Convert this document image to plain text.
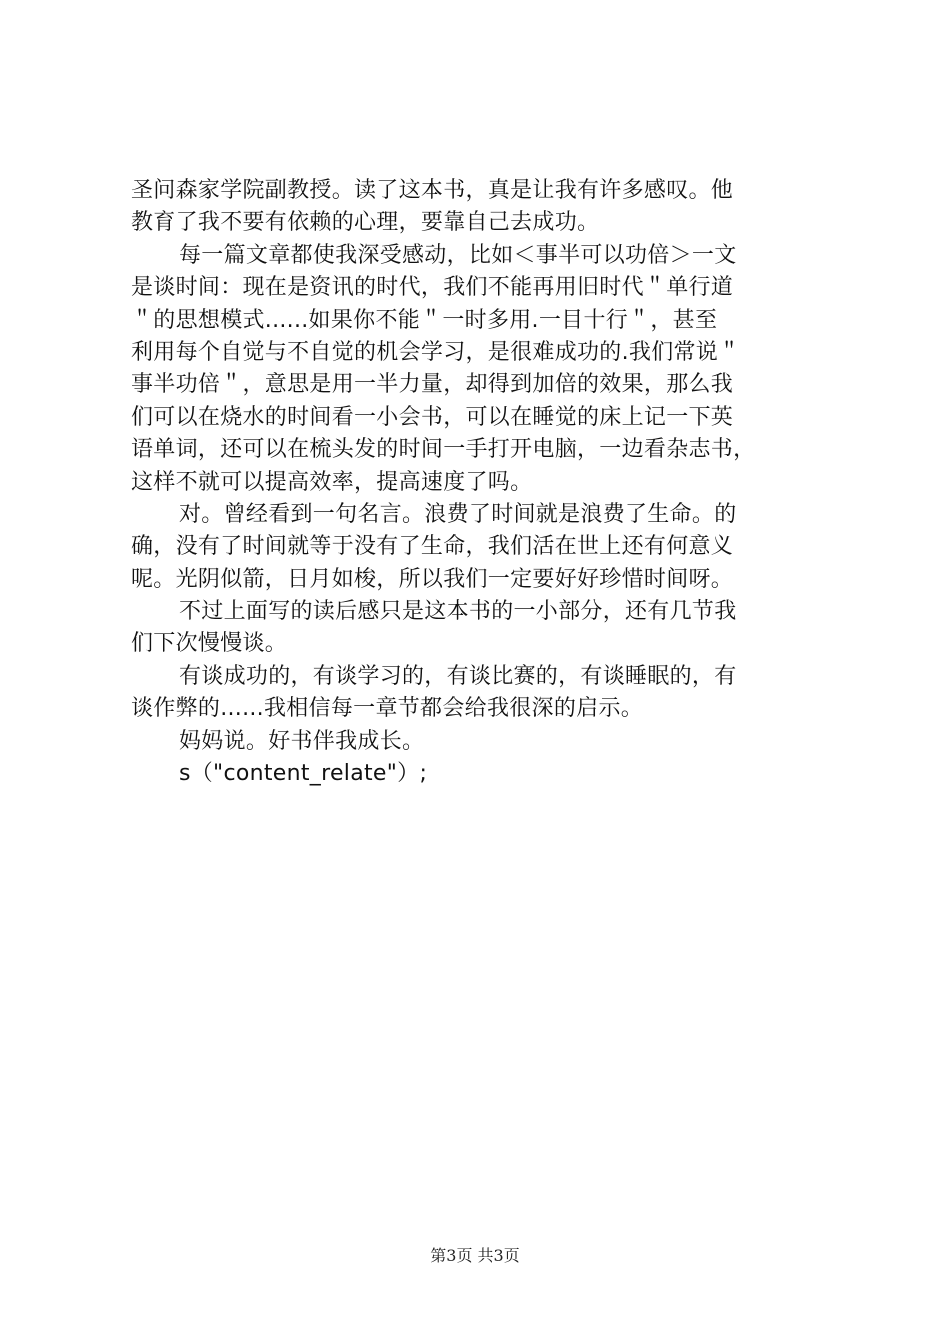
圣问森家学院副教授。读了这本书，真是让我有许多感叹。他
教育了我不要有依赖的心理，要靠自己去成功。
每一篇文章都使我深受感动，比如＜事半可以功倍＞一文
是谈时间：现在是资讯的时代，我们不能再用旧时代＂单行道
＂的思想模式......如果你不能＂一时多用.一目十行＂，甚至
利用每个自觉与不自觉的机会学习，是很难成功的.我们常说＂
事半功倍＂，意思是用一半力量，却得到加倍的效果，那么我
们可以在烧水的时间看一小会书，可以在睡觉的床上记一下英
语单词，还可以在梳头发的时间一手打开电脑，一边看杂志书，
这样不就可以提高效率，提高速度了吗。
对。曾经看到一句名言。浪费了时间就是浪费了生命。的
确，没有了时间就等于没有了生命，我们活在世上还有何意义
呢。光阴似箭，日月如梭，所以我们一定要好好珍惜时间呀。
不过上面写的读后感只是这本书的一小部分，还有几节我
们下次慢慢谈。
有谈成功的，有谈学习的，有谈比赛的，有谈睡眠的，有
谈作弊的......我相信每一章节都会给我很深的启示。
妈妈说。好书伴我成长。
s（"content_relate"）;
第3页 共3页
